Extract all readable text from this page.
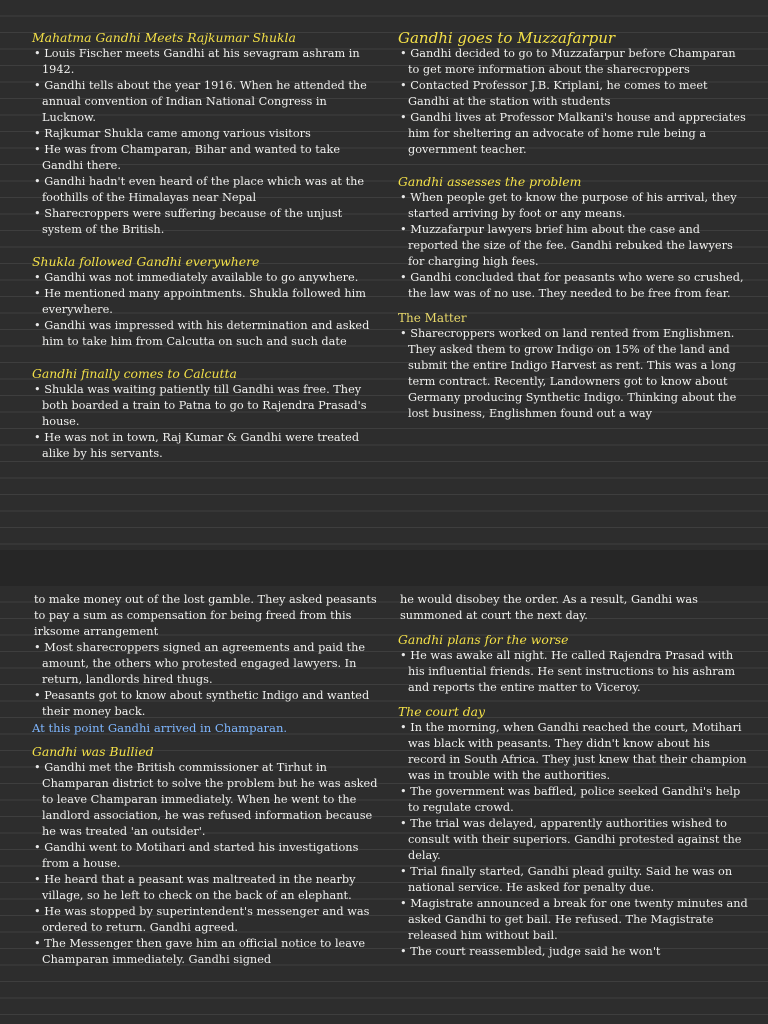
Mahatma Gandhi Meets Rajkumar Shukla
• Louis Fischer meets Gandhi at his sevagram ashram in 1942.
• Gandhi tells about the year 1916. When he attended the annual convention of Indian National Congress in Lucknow.
• Rajkumar Shukla came among various visitors
• He was from Champaran, Bihar and wanted to take Gandhi there.
• Gandhi hadn't even heard of the place which was at the foothills of the Himalayas near Nepal
• Sharecroppers were suffering because of the unjust system of the British.
Shukla followed Gandhi everywhere
• Gandhi was not immediately available to go anywhere.
• He mentioned many appointments. Shukla followed him everywhere.
• Gandhi was impressed with his determination and asked him to take him from Calcutta on such and such date
Gandhi finally comes to Calcutta
• Shukla was waiting patiently till Gandhi was free. They both boarded a train to Patna to go to Rajendra Prasad's house.
• He was not in town, Raj Kumar & Gandhi were treated alike by his servants.
Gandhi goes to Muzzafarpur
• Gandhi decided to go to Muzzafarpur before Champaran to get more information about the sharecroppers
• Contacted Professor J.B. Kriplani, he comes to meet Gandhi at the station with students
• Gandhi lives at Professor Malkani's house and appreciates him for sheltering an advocate of home rule being a government teacher.
Gandhi assesses the problem
• When people get to know the purpose of his arrival, they started arriving by foot or any means.
• Muzzafarpur lawyers brief him about the case and reported the size of the fee. Gandhi rebuked the lawyers for charging high fees.
• Gandhi concluded that for peasants who were so crushed, the law was of no use. They needed to be free from fear.
The Matter
• Sharecroppers worked on land rented from Englishmen. They asked them to grow Indigo on 15% of the land and submit the entire Indigo Harvest as rent. This was a long term contract. Recently, Landowners got to know about Germany producing Synthetic Indigo. Thinking about the lost business, Englishmen found out a way
to make money out of the lost gamble. They asked peasants to pay a sum as compensation for being freed from this irksome arrangement
• Most sharecroppers signed an agreements and paid the amount, the others who protested engaged lawyers. In return, landlords hired thugs.
• Peasants got to know about synthetic Indigo and wanted their money back.
At this point Gandhi arrived in Champaran.
Gandhi was Bullied
• Gandhi met the British commissioner at Tirhut in Champaran district to solve the problem but he was asked to leave Champaran immediately. When he went to the landlord association, he was refused information because he was treated 'an outsider'.
• Gandhi went to Motihari and started his investigations from a house.
• He heard that a peasant was maltreated in the nearby village, so he left to check on the back of an elephant.
• He was stopped by superintendent's messenger and was ordered to return. Gandhi agreed.
• The Messenger then gave him an official notice to leave Champaran immediately. Gandhi signed
he would disobey the order. As a result, Gandhi was summoned at court the next day.
Gandhi plans for the worse
• He was awake all night. He called Rajendra Prasad with his influential friends. He sent instructions to his ashram and reports the entire matter to Viceroy.
The court day
• In the morning, when Gandhi reached the court, Motihari was black with peasants. They didn't know about his record in South Africa. They just knew that their champion was in trouble with the authorities.
• The government was baffled, police seeked Gandhi's help to regulate crowd.
• The trial was delayed, apparently authorities wished to consult with their superiors. Gandhi protested against the delay.
• Trial finally started, Gandhi plead guilty. Said he was on national service. He asked for penalty due.
• Magistrate announced a break for one twenty minutes and asked Gandhi to get bail. He refused. The Magistrate released him without bail.
• The court reassembled, judge said he won't
